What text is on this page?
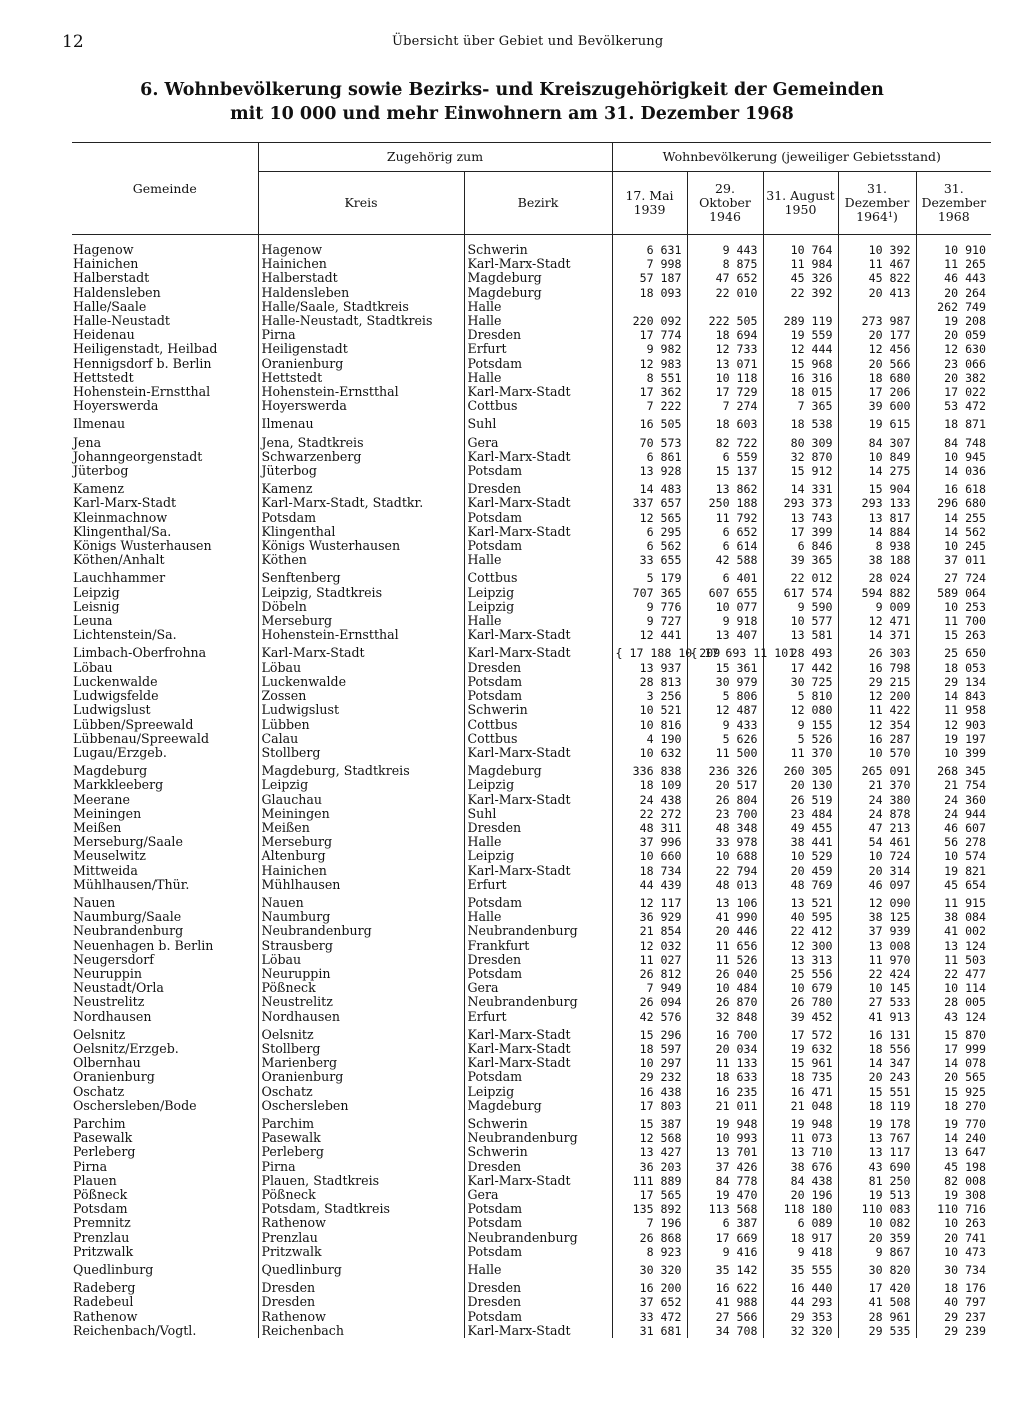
12	Übersicht über Gebiet und Bevölkerung
6. Wohnbevölkerung sowie Bezirks- und Kreiszugehörigkeit der Gemeinden
mit 10 000 und mehr Einwohnern am 31. Dezember 1968
Gemeinde	Zugehörig zum		Wohnbevölkerung (jeweiliger Gebietsstand)				
	Kreis	Bezirk	17. Mai 1939	29. Oktober 1946	31. August 1950	31. Dezember 1964¹)	31. Dezember 1968
Hagenow	Hagenow	Schwerin	6 631	9 443	10 764	10 392	10 910
Hainichen	Hainichen	Karl-Marx-Stadt	7 998	8 875	11 984	11 467	11 265
Halberstadt	Halberstadt	Magdeburg	57 187	47 652	45 326	45 822	46 443
Haldensleben	Haldensleben	Magdeburg	18 093	22 010	22 392	20 413	20 264
Halle/Saale	Halle/Saale, Stadtkreis	Halle					262 749
Halle-Neustadt	Halle-Neustadt, Stadtkreis	Halle	220 092	222 505	289 119	273 987	19 208
Heidenau	Pirna	Dresden	17 774	18 694	19 559	20 177	20 059
Heiligenstadt, Heilbad	Heiligenstadt	Erfurt	9 982	12 733	12 444	12 456	12 630
Hennigsdorf b. Berlin	Oranienburg	Potsdam	12 983	13 071	15 968	20 566	23 066
Hettstedt	Hettstedt	Halle	8 551	10 118	16 316	18 680	20 382
Hohenstein-Ernstthal	Hohenstein-Ernstthal	Karl-Marx-Stadt	17 362	17 729	18 015	17 206	17 022
Hoyerswerda	Hoyerswerda	Cottbus	7 222	7 274	7 365	39 600	53 472
Ilmenau	Ilmenau	Suhl	16 505	18 603	18 538	19 615	18 871
Jena	Jena, Stadtkreis	Gera	70 573	82 722	80 309	84 307	84 748
Johanngeorgenstadt	Schwarzenberg	Karl-Marx-Stadt	6 861	6 559	32 870	10 849	10 945
Jüterbog	Jüterbog	Potsdam	13 928	15 137	15 912	14 275	14 036
Kamenz	Kamenz	Dresden	14 483	13 862	14 331	15 904	16 618
Karl-Marx-Stadt	Karl-Marx-Stadt, Stadtkr.	Karl-Marx-Stadt	337 657	250 188	293 373	293 133	296 680
Kleinmachnow	Potsdam	Potsdam	12 565	11 792	13 743	13 817	14 255
Klingenthal/Sa.	Klingenthal	Karl-Marx-Stadt	6 295	6 652	17 399	14 884	14 562
Königs Wusterhausen	Königs Wusterhausen	Potsdam	6 562	6 614	6 846	8 938	10 245
Köthen/Anhalt	Köthen	Halle	33 655	42 588	39 365	38 188	37 011
Lauchhammer	Senftenberg	Cottbus	5 179	6 401	22 012	28 024	27 724
Leipzig	Leipzig, Stadtkreis	Leipzig	707 365	607 655	617 574	594 882	589 064
Leisnig	Döbeln	Leipzig	9 776	10 077	9 590	9 009	10 253
Leuna	Merseburg	Halle	9 727	9 918	10 577	12 471	11 700
Lichtenstein/Sa.	Hohenstein-Ernstthal	Karl-Marx-Stadt	12 441	13 407	13 581	14 371	15 263
Limbach-Oberfrohna	Karl-Marx-Stadt	Karl-Marx-Stadt	{ 17 188 10 209	{ 17 693 11 101	28 493	26 303	25 650
Löbau	Löbau	Dresden	13 937	15 361	17 442	16 798	18 053
Luckenwalde	Luckenwalde	Potsdam	28 813	30 979	30 725	29 215	29 134
Ludwigsfelde	Zossen	Potsdam	3 256	5 806	5 810	12 200	14 843
Ludwigslust	Ludwigslust	Schwerin	10 521	12 487	12 080	11 422	11 958
Lübben/Spreewald	Lübben	Cottbus	10 816	9 433	9 155	12 354	12 903
Lübbenau/Spreewald	Calau	Cottbus	4 190	5 626	5 526	16 287	19 197
Lugau/Erzgeb.	Stollberg	Karl-Marx-Stadt	10 632	11 500	11 370	10 570	10 399
Magdeburg	Magdeburg, Stadtkreis	Magdeburg	336 838	236 326	260 305	265 091	268 345
Markkleeberg	Leipzig	Leipzig	18 109	20 517	20 130	21 370	21 754
Meerane	Glauchau	Karl-Marx-Stadt	24 438	26 804	26 519	24 380	24 360
Meiningen	Meiningen	Suhl	22 272	23 700	23 484	24 878	24 944
Meißen	Meißen	Dresden	48 311	48 348	49 455	47 213	46 607
Merseburg/Saale	Merseburg	Halle	37 996	33 978	38 441	54 461	56 278
Meuselwitz	Altenburg	Leipzig	10 660	10 688	10 529	10 724	10 574
Mittweida	Hainichen	Karl-Marx-Stadt	18 734	22 794	20 459	20 314	19 821
Mühlhausen/Thür.	Mühlhausen	Erfurt	44 439	48 013	48 769	46 097	45 654
Nauen	Nauen	Potsdam	12 117	13 106	13 521	12 090	11 915
Naumburg/Saale	Naumburg	Halle	36 929	41 990	40 595	38 125	38 084
Neubrandenburg	Neubrandenburg	Neubrandenburg	21 854	20 446	22 412	37 939	41 002
Neuenhagen b. Berlin	Strausberg	Frankfurt	12 032	11 656	12 300	13 008	13 124
Neugersdorf	Löbau	Dresden	11 027	11 526	13 313	11 970	11 503
Neuruppin	Neuruppin	Potsdam	26 812	26 040	25 556	22 424	22 477
Neustadt/Orla	Pößneck	Gera	7 949	10 484	10 679	10 145	10 114
Neustrelitz	Neustrelitz	Neubrandenburg	26 094	26 870	26 780	27 533	28 005
Nordhausen	Nordhausen	Erfurt	42 576	32 848	39 452	41 913	43 124
Oelsnitz	Oelsnitz	Karl-Marx-Stadt	15 296	16 700	17 572	16 131	15 870
Oelsnitz/Erzgeb.	Stollberg	Karl-Marx-Stadt	18 597	20 034	19 632	18 556	17 999
Olbernhau	Marienberg	Karl-Marx-Stadt	10 297	11 133	15 961	14 347	14 078
Oranienburg	Oranienburg	Potsdam	29 232	18 633	18 735	20 243	20 565
Oschatz	Oschatz	Leipzig	16 438	16 235	16 471	15 551	15 925
Oschersleben/Bode	Oschersleben	Magdeburg	17 803	21 011	21 048	18 119	18 270
Parchim	Parchim	Schwerin	15 387	19 948	19 948	19 178	19 770
Pasewalk	Pasewalk	Neubrandenburg	12 568	10 993	11 073	13 767	14 240
Perleberg	Perleberg	Schwerin	13 427	13 701	13 710	13 117	13 647
Pirna	Pirna	Dresden	36 203	37 426	38 676	43 690	45 198
Plauen	Plauen, Stadtkreis	Karl-Marx-Stadt	111 889	84 778	84 438	81 250	82 008
Pößneck	Pößneck	Gera	17 565	19 470	20 196	19 513	19 308
Potsdam	Potsdam, Stadtkreis	Potsdam	135 892	113 568	118 180	110 083	110 716
Premnitz	Rathenow	Potsdam	7 196	6 387	6 089	10 082	10 263
Prenzlau	Prenzlau	Neubrandenburg	26 868	17 669	18 917	20 359	20 741
Pritzwalk	Pritzwalk	Potsdam	8 923	9 416	9 418	9 867	10 473
Quedlinburg	Quedlinburg	Halle	30 320	35 142	35 555	30 820	30 734
Radeberg	Dresden	Dresden	16 200	16 622	16 440	17 420	18 176
Radebeul	Dresden	Dresden	37 652	41 988	44 293	41 508	40 797
Rathenow	Rathenow	Potsdam	33 472	27 566	29 353	28 961	29 237
Reichenbach/Vogtl.	Reichenbach	Karl-Marx-Stadt	31 681	34 708	32 320	29 535	29 239
